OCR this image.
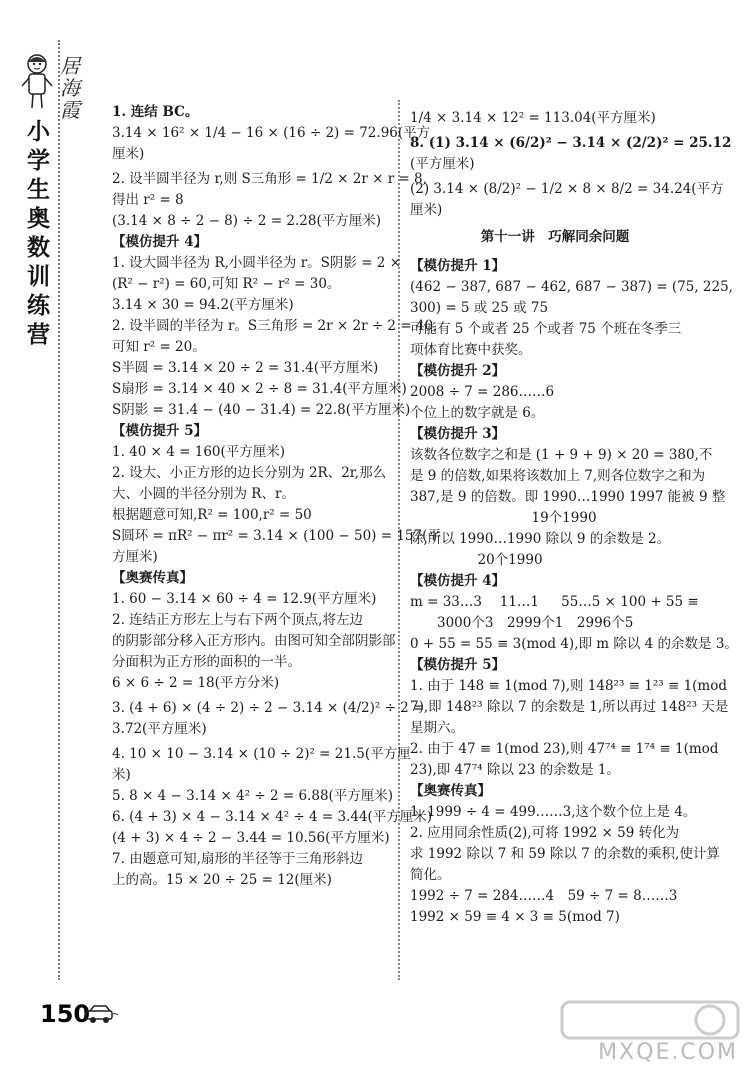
居海霞
小学生奥数训练营

1. 连结 BC。

3.14 × 16² × 1/4 − 16 × (16 ÷ 2) = 72.96(平方

厘米)

2. 设半圆半径为 r,则 S三角形 = 1/2 × 2r × r = 8,

得出 r² = 8

(3.14 × 8 ÷ 2 − 8) ÷ 2 = 2.28(平方厘米)

【模仿提升 4】

1. 设大圆半径为 R,小圆半径为 r。S阴影 = 2 ×

(R² − r²) = 60,可知 R² − r² = 30。

3.14 × 30 = 94.2(平方厘米)

2. 设半圆的半径为 r。S三角形 = 2r × 2r ÷ 2 = 40,

可知 r² = 20。

S半圆 = 3.14 × 20 ÷ 2 = 31.4(平方厘米)

S扇形 = 3.14 × 40 × 2 ÷ 8 = 31.4(平方厘米)

S阴影 = 31.4 − (40 − 31.4) = 22.8(平方厘米)

【模仿提升 5】

1. 40 × 4 = 160(平方厘米)

2. 设大、小正方形的边长分别为 2R、2r,那么

大、小圆的半径分别为 R、r。

根据题意可知,R² = 100,r² = 50

S圆环 = πR² − πr² = 3.14 × (100 − 50) = 157(平

方厘米)

【奥赛传真】

1. 60 − 3.14 × 60 ÷ 4 = 12.9(平方厘米)

2. 连结正方形左上与右下两个顶点,将左边

的阴影部分移入正方形内。由图可知全部阴影部

分面积为正方形的面积的一半。

6 × 6 ÷ 2 = 18(平方分米)

3. (4 + 6) × (4 ÷ 2) ÷ 2 − 3.14 × (4/2)² ÷ 2 =

3.72(平方厘米)

4. 10 × 10 − 3.14 × (10 ÷ 2)² = 21.5(平方厘

米)

5. 8 × 4 − 3.14 × 4² ÷ 2 = 6.88(平方厘米)

6. (4 + 3) × 4 − 3.14 × 4² ÷ 4 = 3.44(平方厘米)

(4 + 3) × 4 ÷ 2 − 3.44 = 10.56(平方厘米)

7. 由题意可知,扇形的半径等于三角形斜边

上的高。15 × 20 ÷ 25 = 12(厘米)

1/4 × 3.14 × 12² = 113.04(平方厘米)

8. (1) 3.14 × (6/2)² − 3.14 × (2/2)² = 25.12

(平方厘米)

(2) 3.14 × (8/2)² − 1/2 × 8 × 8/2 = 34.24(平方

厘米)

第十一讲　巧解同余问题

【模仿提升 1】

(462 − 387, 687 − 462, 687 − 387) = (75, 225,

300) = 5 或 25 或 75

可能有 5 个或者 25 个或者 75 个班在冬季三

项体育比赛中获奖。

【模仿提升 2】

2008 ÷ 7 = 286……6

个位上的数字就是 6。

【模仿提升 3】

该数各位数字之和是 (1 + 9 + 9) × 20 = 380,不

是 9 的倍数,如果将该数加上 7,则各位数字之和为

387,是 9 的倍数。即 1990…1990 1997 能被 9 整

　　　　　　　　　19个1990

除,所以 1990…1990 除以 9 的余数是 2。

　　　　　20个1990

【模仿提升 4】

m = 33…3 　11…1 　 55…5 × 100 + 55 ≡

　　3000个3　2999个1　2996个5

0 + 55 = 55 ≡ 3(mod 4),即 m 除以 4 的余数是 3。

【模仿提升 5】

1. 由于 148 ≡ 1(mod 7),则 148²³ ≡ 1²³ ≡ 1(mod

7),即 148²³ 除以 7 的余数是 1,所以再过 148²³ 天是

星期六。

2. 由于 47 ≡ 1(mod 23),则 47⁷⁴ ≡ 1⁷⁴ ≡ 1(mod

23),即 47⁷⁴ 除以 23 的余数是 1。

【奥赛传真】

1. 1999 ÷ 4 = 499……3,这个数个位上是 4。

2. 应用同余性质(2),可将 1992 × 59 转化为

求 1992 除以 7 和 59 除以 7 的余数的乘积,使计算

简化。

1992 ÷ 7 = 284……4　59 ÷ 7 = 8……3

1992 × 59 ≡ 4 × 3 ≡ 5(mod 7)

150
MXQE.COM
